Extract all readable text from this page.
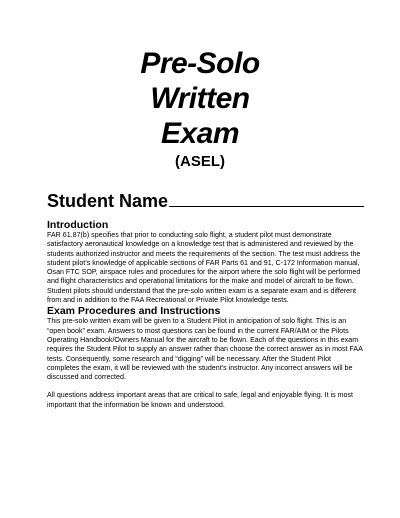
Pre-Solo
Written
Exam
(ASEL)
Student Name

Introduction

FAR 61.87(b) specifies that prior to conducting solo flight, a student pilot must demonstrate satisfactory aeronautical knowledge on a knowledge test that is administered and reviewed by the students authorized instructor and meets the requirements of the section. The test must address the student pilot’s knowledge of applicable sections of FAR Parts 61 and 91, C-172 Information manual, Osan FTC SOP, airspace rules and procedures for the airport where the solo flight will be performed and flight characteristics and operational limitations for the make and model of aircraft to be flown.

Student pilots should understand that the pre-solo written exam is a separate exam and is different from and in addition to the FAA Recreational or Private Pilot knowledge tests.

Exam Procedures and Instructions

This pre-solo written exam will be given to a Student Pilot in anticipation of solo flight. This is an “open book” exam. Answers to most questions can be found in the current FAR/AIM or the Pilots Operating Handbook/Owners Manual for the aircraft to be flown. Each of the questions in this exam requires the Student Pilot to supply an answer rather than choose the correct answer as in most FAA tests. Consequently, some research and “digging” will be necessary. After the Student Pilot completes the exam, it will be reviewed with the student’s instructor. Any incorrect answers will be discussed and corrected.

All questions address important areas that are critical to safe, legal and enjoyable flying. It is most important that the information be known and understood.
